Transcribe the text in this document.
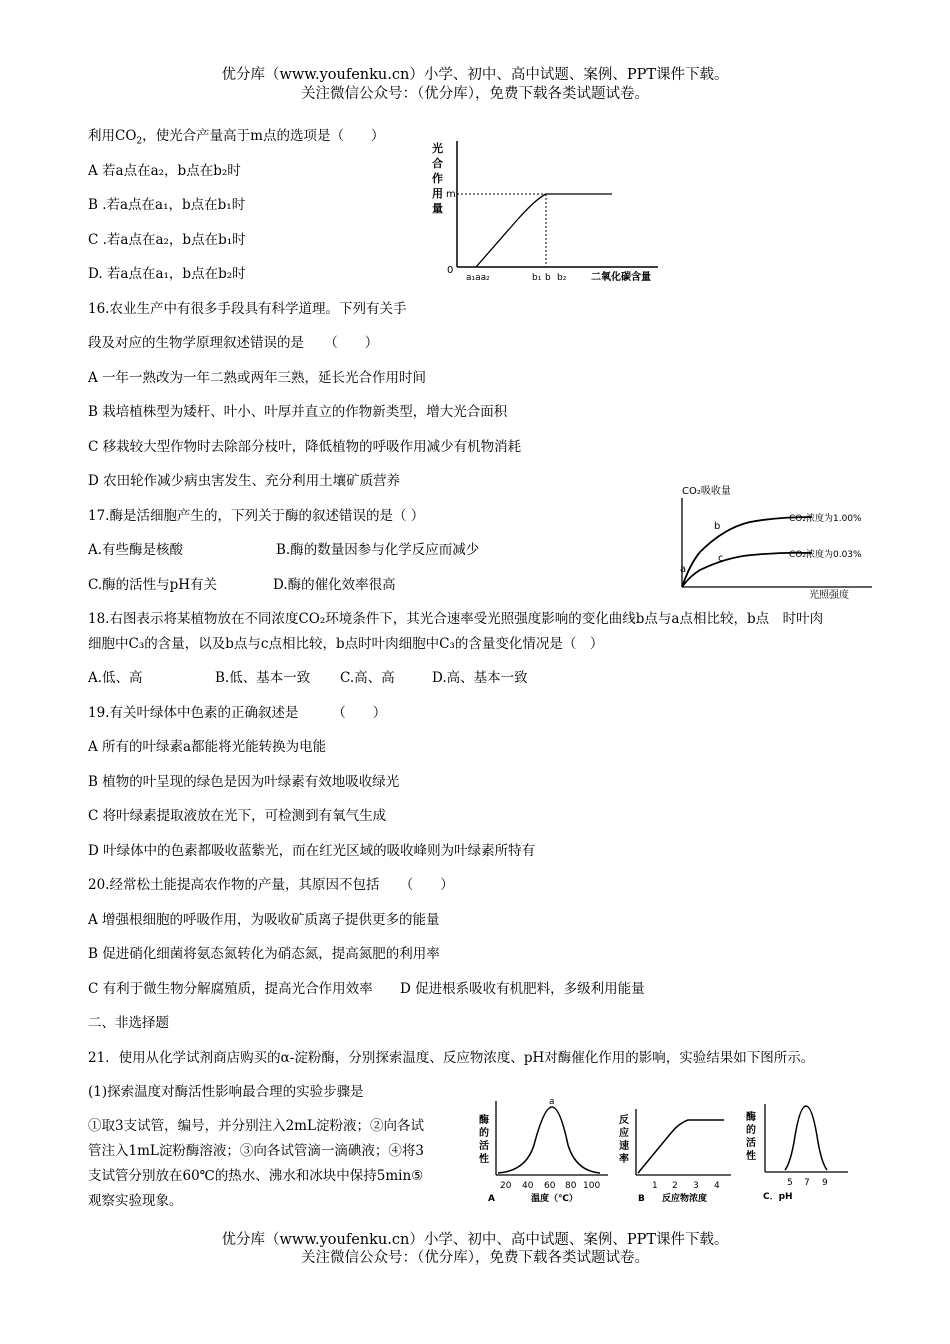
优分库（www.youfenku.cn）小学、初中、高中试题、案例、PPT课件下载。
关注微信公众号：（优分库），免费下载各类试题试卷。
利用$CO_2$，使光合产量高于m点的选项是（　　）
A 若a点在a₂，b点在b₂时
B .若a点在a₁，b点在b₁时
C .若a点在a₂，b点在b₁时
D. 若a点在a₁，b点在b₂时
光
合
作
用
量
m
0
a₁aa₂	b₁ b b₂ 二氧化碳含量
16.农业生产中有很多手段具有科学道理。下列有关手
段及对应的生物学原理叙述错误的是　　（　　）
A 一年一熟改为一年二熟或两年三熟，延长光合作用时间
B 栽培植株型为矮杆、叶小、叶厚并直立的作物新类型，增大光合面积
C 移栽较大型作物时去除部分枝叶，降低植物的呼吸作用减少有机物消耗
D 农田轮作减少病虫害发生、充分利用土壤矿质营养
CO₂吸收量
CO₂浓度为1.00%
CO₂浓度为0.03%
a
b
c
光照强度
17.酶是活细胞产生的，下列关于酶的叙述错误的是（ ）
A.有些酶是核酸	B.酶的数量因参与化学反应而减少
C.酶的活性与pH有关	D.酶的催化效率很高
18.右图表示将某植物放在不同浓度CO₂环境条件下，其光合速率受光照强度影响的变化曲线b点与a点相比较，b点　时叶肉
细胞中C₃的含量，以及b点与c点相比较，b点时叶肉细胞中C₃的含量变化情况是（　）
A.低、高	B.低、基本一致 C.高、高	D.高、基本一致
19.有关叶绿体中色素的正确叙述是　　　（　　）
A 所有的叶绿素a都能将光能转换为电能
B 植物的叶呈现的绿色是因为叶绿素有效地吸收绿光
C 将叶绿素提取液放在光下，可检测到有氧气生成
D 叶绿体中的色素都吸收蓝紫光，而在红光区域的吸收峰则为叶绿素所特有
20.经常松土能提高农作物的产量，其原因不包括　　（　　）
A 增强根细胞的呼吸作用，为吸收矿质离子提供更多的能量
B 促进硝化细菌将氨态氮转化为硝态氮，提高氮肥的利用率
C 有利于微生物分解腐殖质，提高光合作用效率 D 促进根系吸收有机肥料，多级利用能量
二、非选择题
21．使用从化学试剂商店购买的α-淀粉酶，分别探索温度、反应物浓度、pH对酶催化作用的影响，实验结果如下图所示。
(1)探索温度对酶活性影响最合理的实验步骤是
①取3支试管，编号，并分别注入2mL淀粉液；②向各试
管注入1mL淀粉酶溶液；③向各试管滴一滴碘液；④将3
支试管分别放在60℃的热水、沸水和冰块中保持5min⑤
观察实验现象。
酶
的
活
性
a
20 40 60 80 100
A	温度（℃）
反
应
速
率
1 2 3 4
B 反应物浓度
酶
的
活
性
5 7 9
C．pH
优分库（www.youfenku.cn）小学、初中、高中试题、案例、PPT课件下载。
关注微信公众号：（优分库），免费下载各类试题试卷。
